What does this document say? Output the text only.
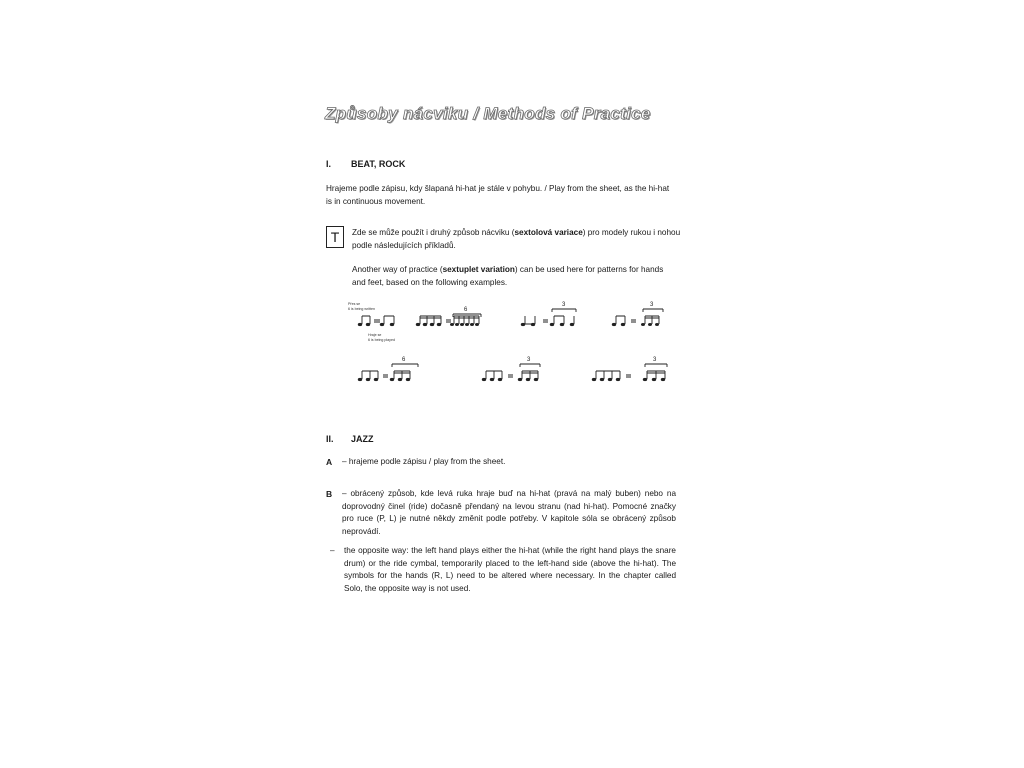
Způsoby nácviku / Methods of Practice
I. BEAT, ROCK
Hrajeme podle zápisu, kdy šlapaná hi-hat je stále v pohybu. / Play from the sheet, as the hi-hat
is in continuous movement.
T	Zde se může použít i druhý způsob nácviku (sextolová variace) pro modely rukou i nohou
podle následujících příkladů.
Another way of practice (sextuplet variation) can be used here for patterns for hands
and feet, based on the following examples.
Přes se
6 is being written
Hraje se
6 is being played
6
3	3
6	3	3
II. JAZZ
A	– hrajeme podle zápisu / play from the sheet.
B	– obrácený způsob, kde levá ruka hraje buď na hi-hat (pravá na malý buben) nebo na doprovodný činel (ride) dočasně přendaný na levou stranu (nad hi-hat). Pomocné značky pro ruce (P, L) je nutné někdy změnit podle potřeby. V kapitole sóla se obrácený způsob neprovádí.
–	the opposite way: the left hand plays either the hi-hat (while the right hand plays the snare drum) or the ride cymbal, temporarily placed to the left-hand side (above the hi-hat). The symbols for the hands (R, L) need to be altered where necessary. In the chapter called Solo, the opposite way is not used.
